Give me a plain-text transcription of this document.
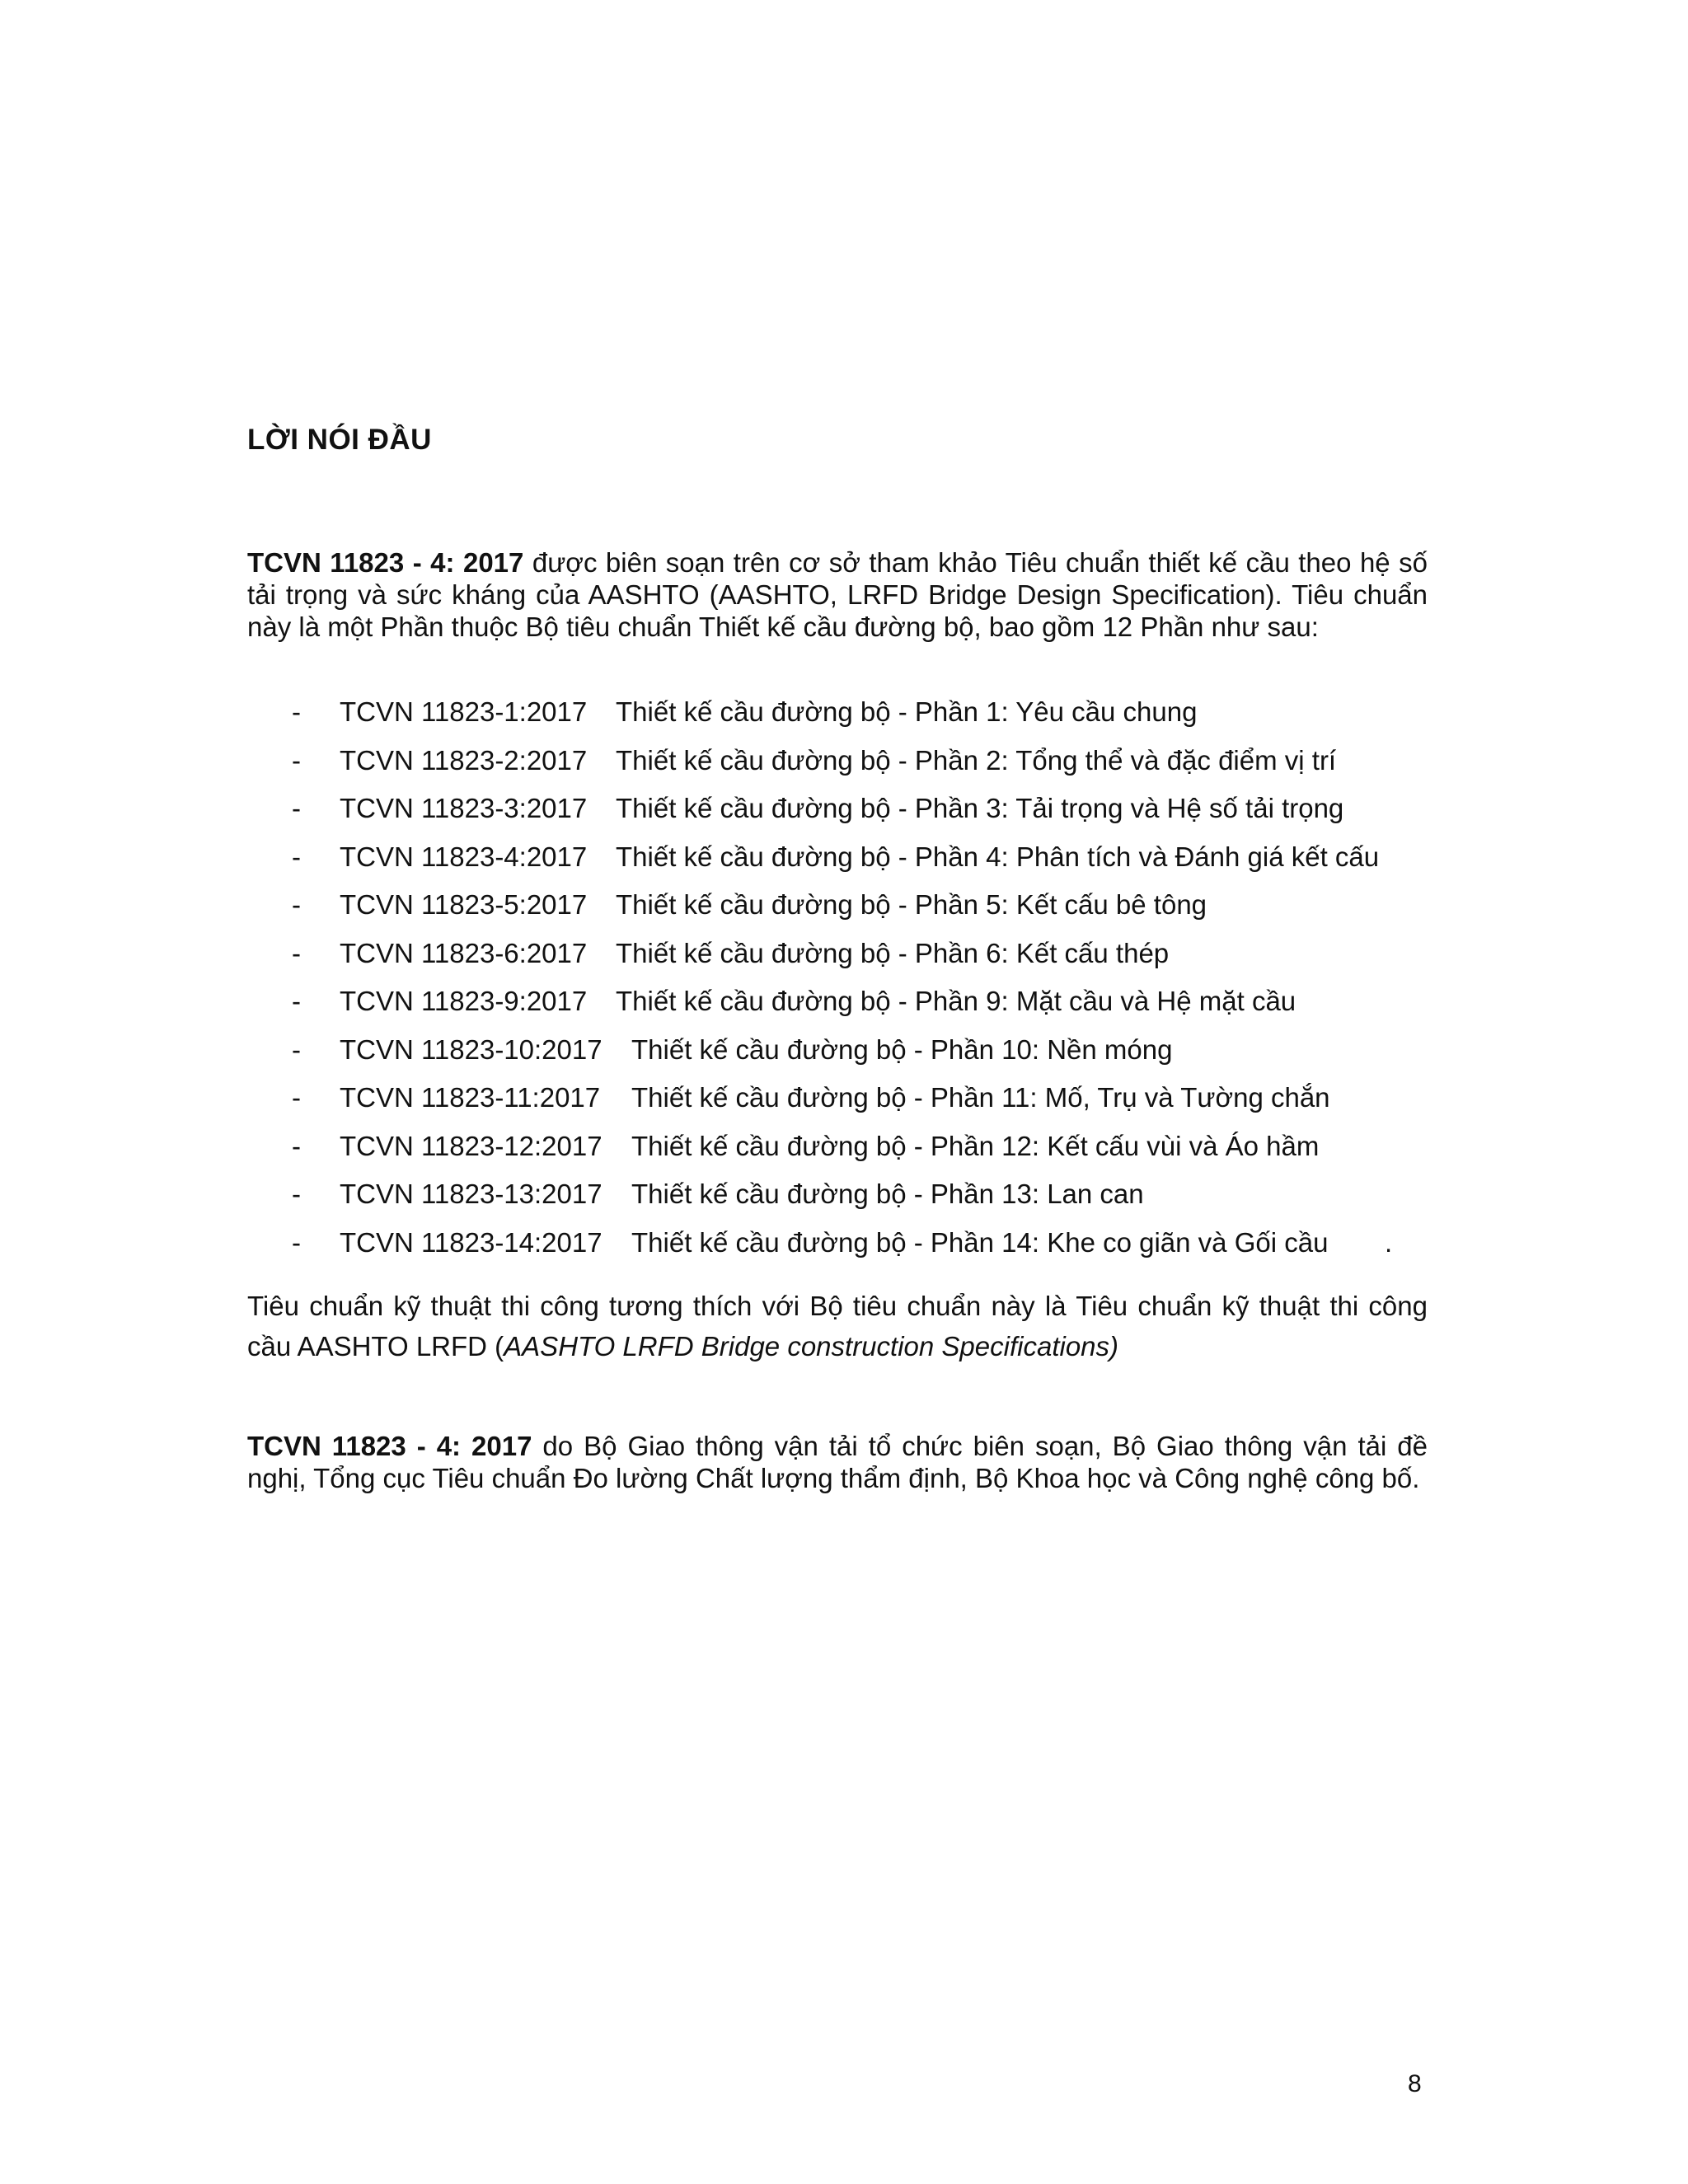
LỜI NÓI ĐẦU

TCVN 11823 - 4: 2017 được biên soạn trên cơ sở tham khảo Tiêu chuẩn thiết kế cầu theo hệ số tải trọng và sức kháng của AASHTO (AASHTO, LRFD Bridge Design Specification). Tiêu chuẩn này là một Phần thuộc Bộ tiêu chuẩn Thiết kế cầu đường bộ, bao gồm 12 Phần như sau:

- TCVN 11823-1:2017 Thiết kế cầu đường bộ - Phần 1: Yêu cầu chung
- TCVN 11823-2:2017 Thiết kế cầu đường bộ - Phần 2: Tổng thể và đặc điểm vị trí
- TCVN 11823-3:2017 Thiết kế cầu đường bộ - Phần 3: Tải trọng và Hệ số tải trọng
- TCVN 11823-4:2017 Thiết kế cầu đường bộ - Phần 4: Phân tích và Đánh giá kết cấu
- TCVN 11823-5:2017 Thiết kế cầu đường bộ - Phần 5: Kết cấu bê tông
- TCVN 11823-6:2017 Thiết kế cầu đường bộ - Phần 6: Kết cấu thép
- TCVN 11823-9:2017 Thiết kế cầu đường bộ - Phần 9: Mặt cầu và Hệ mặt cầu
- TCVN 11823-10:2017 Thiết kế cầu đường bộ - Phần 10: Nền móng
- TCVN 11823-11:2017 Thiết kế cầu đường bộ - Phần 11: Mố, Trụ và Tường chắn
- TCVN 11823-12:2017 Thiết kế cầu đường bộ - Phần 12: Kết cấu vùi và Áo hầm
- TCVN 11823-13:2017 Thiết kế cầu đường bộ - Phần 13: Lan can
- TCVN 11823-14:2017 Thiết kế cầu đường bộ - Phần 14: Khe co giãn và Gối cầu .

Tiêu chuẩn kỹ thuật thi công tương thích với Bộ tiêu chuẩn này là Tiêu chuẩn kỹ thuật thi công cầu AASHTO LRFD (AASHTO LRFD Bridge construction Specifications)

TCVN 11823 - 4: 2017 do Bộ Giao thông vận tải tổ chức biên soạn, Bộ Giao thông vận tải đề nghị, Tổng cục Tiêu chuẩn Đo lường Chất lượng thẩm định, Bộ Khoa học và Công nghệ công bố.

8
